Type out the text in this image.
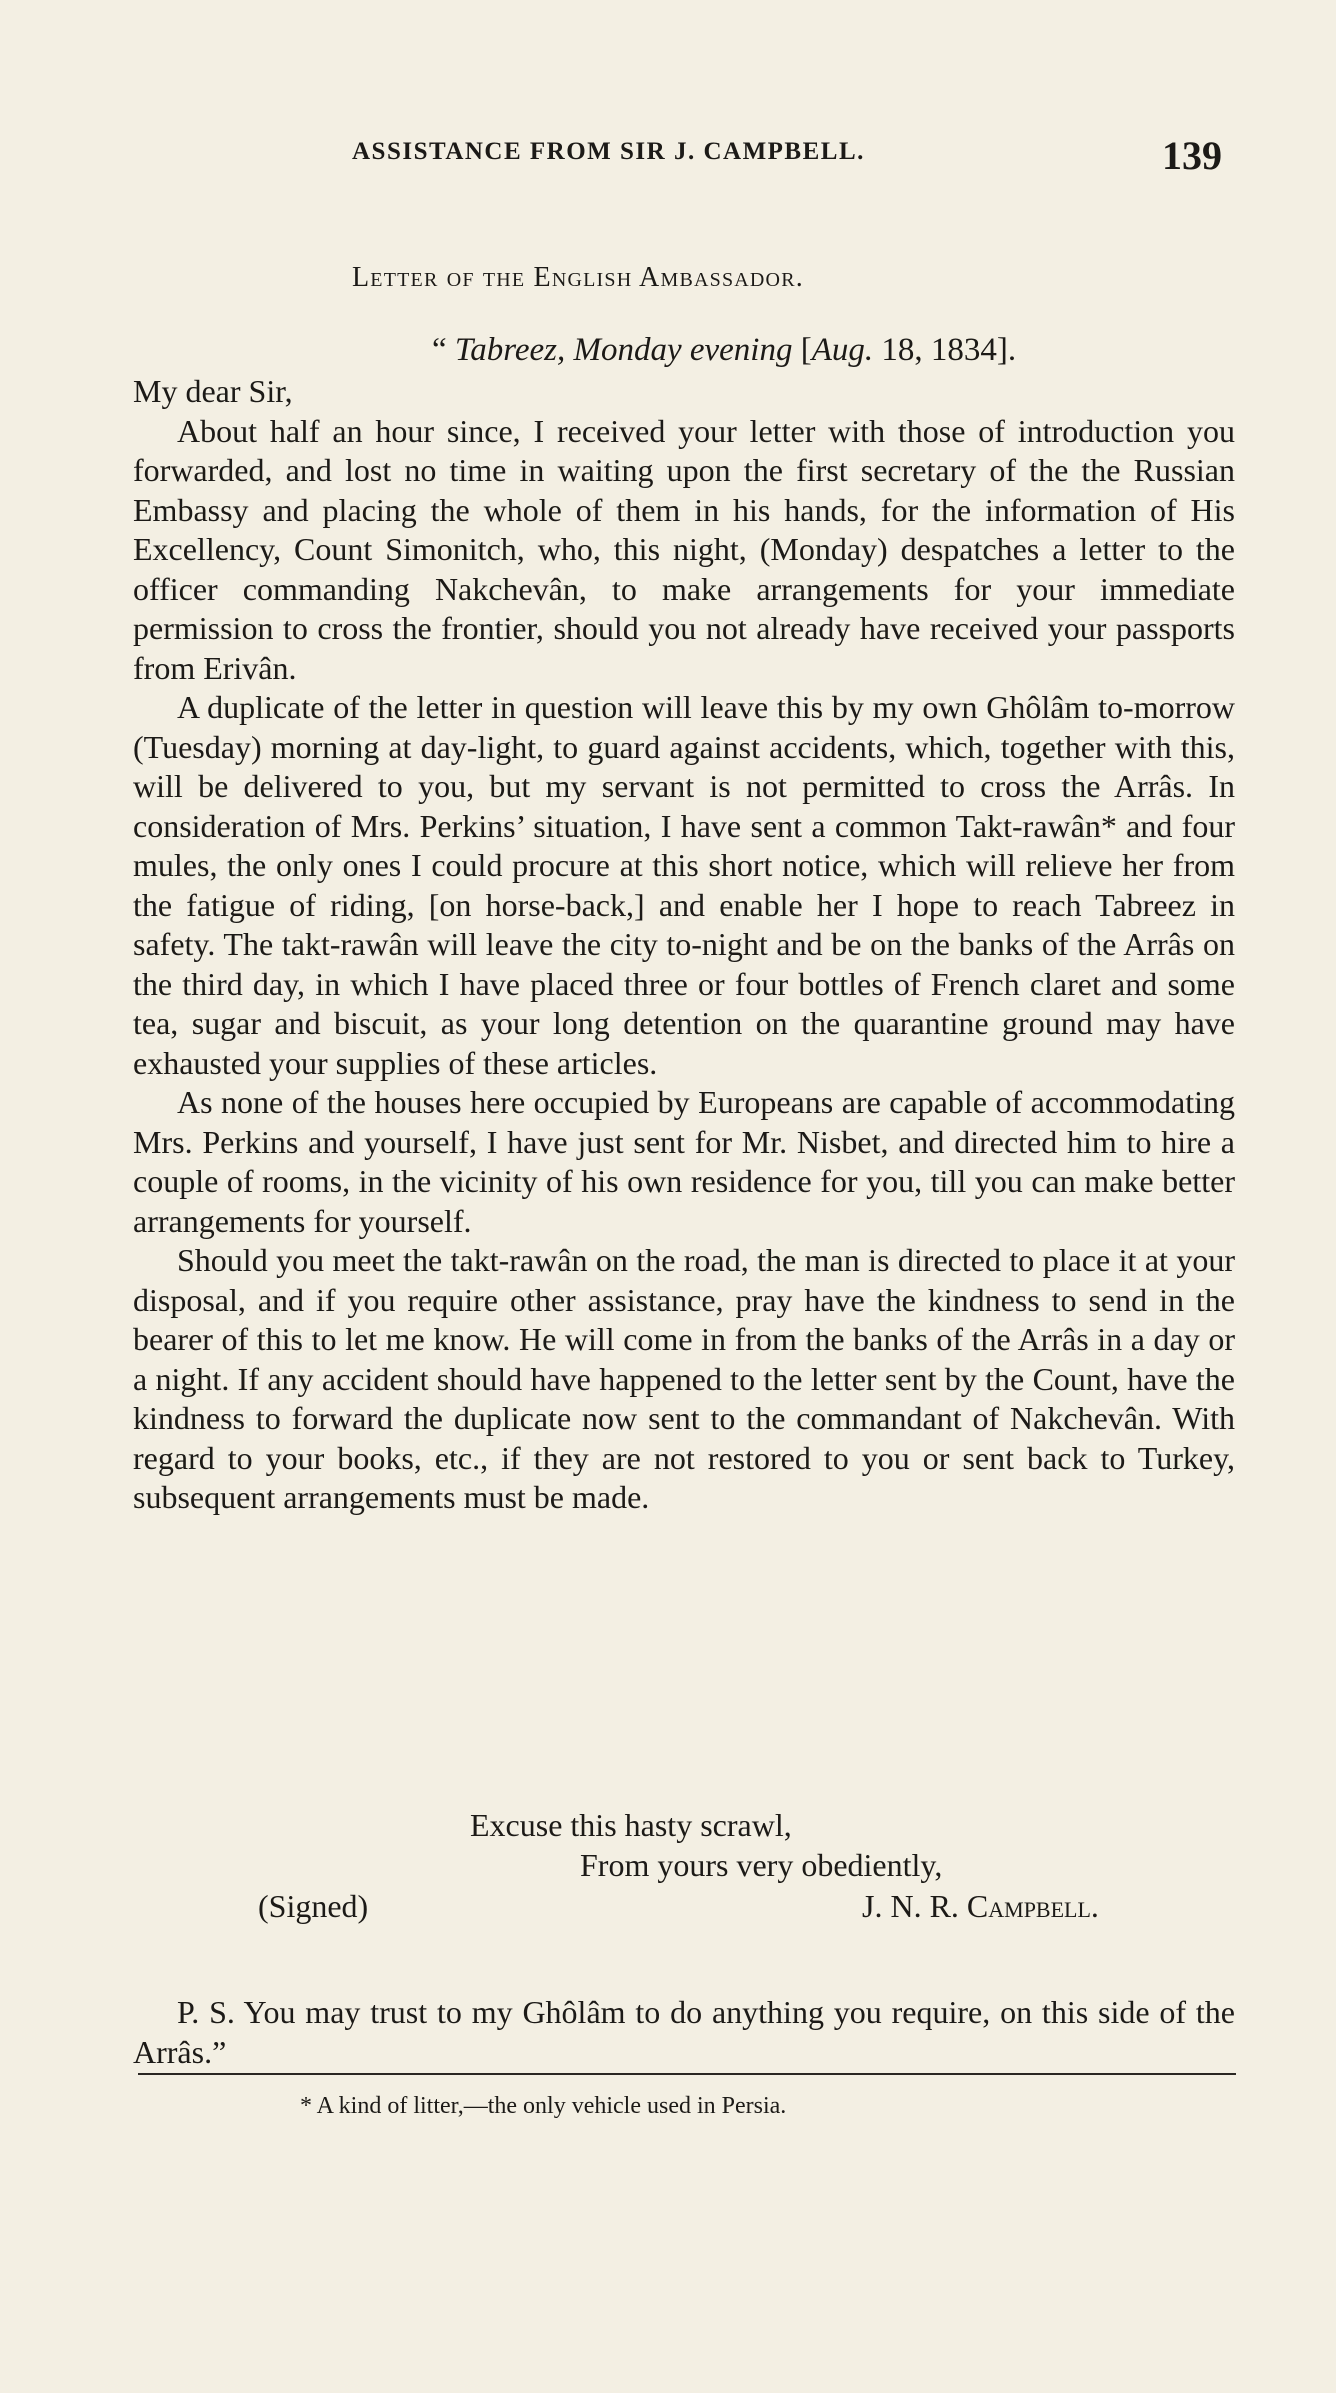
ASSISTANCE FROM SIR J. CAMPBELL.	139
Letter of the English Ambassador.
“ Tabreez, Monday evening [Aug. 18, 1834].

My dear Sir,

About half an hour since, I received your letter with those of introduction you forwarded, and lost no time in waiting upon the first secretary of the the Russian Embassy and placing the whole of them in his hands, for the information of His Excellency, Count Simonitch, who, this night, (Monday) despatches a letter to the officer commanding Nakchevân, to make arrangements for your immediate permission to cross the frontier, should you not already have received your passports from Erivân.

A duplicate of the letter in question will leave this by my own Ghôlâm to-morrow (Tuesday) morning at day-light, to guard against accidents, which, together with this, will be delivered to you, but my servant is not permitted to cross the Arrâs. In consideration of Mrs. Perkins’ situation, I have sent a common Takt-rawân* and four mules, the only ones I could procure at this short notice, which will relieve her from the fatigue of riding, [on horse-back,] and enable her I hope to reach Tabreez in safety. The takt-rawân will leave the city to-night and be on the banks of the Arrâs on the third day, in which I have placed three or four bottles of French claret and some tea, sugar and biscuit, as your long detention on the quarantine ground may have exhausted your supplies of these articles.

As none of the houses here occupied by Europeans are capable of accommodating Mrs. Perkins and yourself, I have just sent for Mr. Nisbet, and directed him to hire a couple of rooms, in the vicinity of his own residence for you, till you can make better arrangements for yourself.

Should you meet the takt-rawân on the road, the man is directed to place it at your disposal, and if you require other assistance, pray have the kindness to send in the bearer of this to let me know. He will come in from the banks of the Arrâs in a day or a night. If any accident should have happened to the letter sent by the Count, have the kindness to forward the duplicate now sent to the commandant of Nakchevân. With regard to your books, etc., if they are not restored to you or sent back to Turkey, subsequent arrangements must be made.

Excuse this hasty scrawl,
From yours very obediently,
(Signed)	J. N. R. Campbell.

P. S. You may trust to my Ghôlâm to do anything you require, on this side of the Arrâs.”

* A kind of litter,—the only vehicle used in Persia.
